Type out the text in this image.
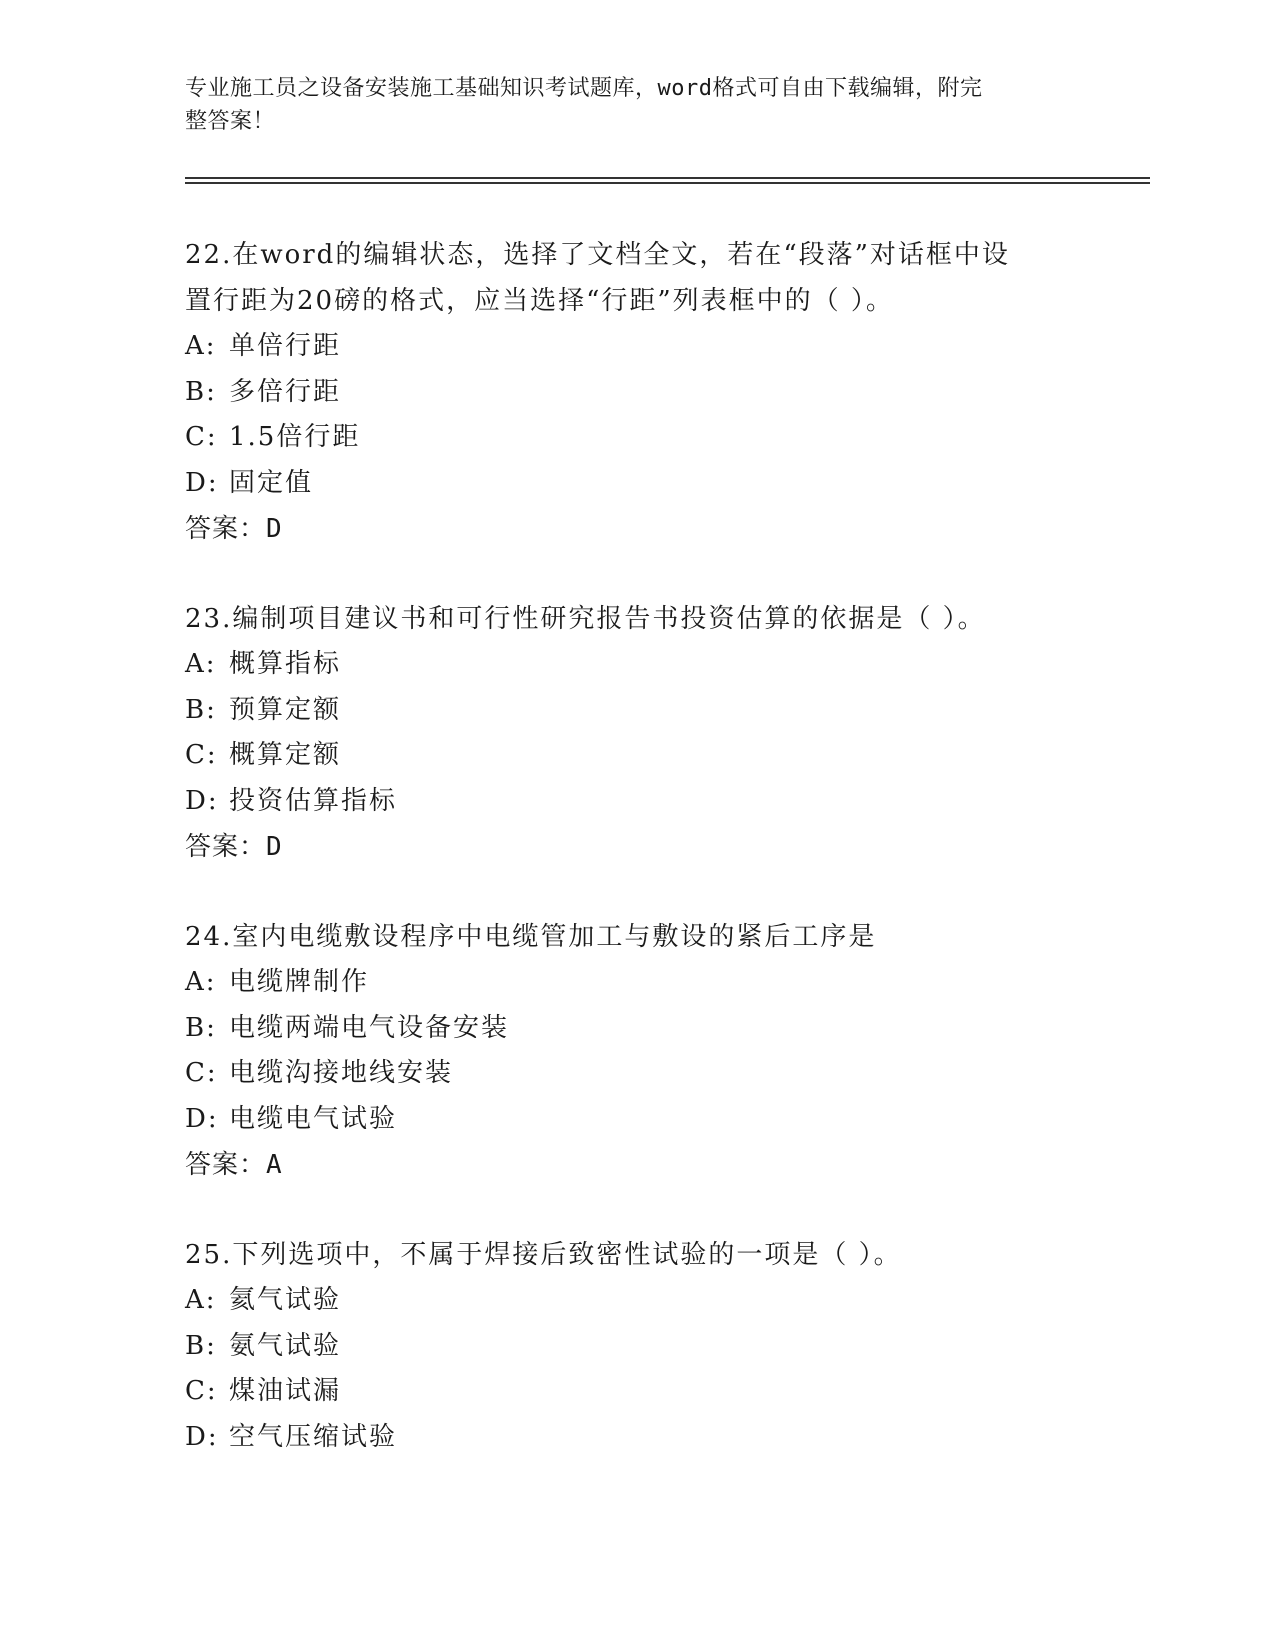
专业施工员之设备安装施工基础知识考试题库，word格式可自由下载编辑，附完
整答案！
22.在word的编辑状态，选择了文档全文，若在“段落”对话框中设
置行距为20磅的格式，应当选择“行距”列表框中的（ ）。
A: 单倍行距
B: 多倍行距
C: 1.5倍行距
D: 固定值
答案：D
23.编制项目建议书和可行性研究报告书投资估算的依据是（ ）。
A: 概算指标
B: 预算定额
C: 概算定额
D: 投资估算指标
答案：D
24.室内电缆敷设程序中电缆管加工与敷设的紧后工序是
A: 电缆牌制作
B: 电缆两端电气设备安装
C: 电缆沟接地线安装
D: 电缆电气试验
答案：A
25.下列选项中，不属于焊接后致密性试验的一项是（ ）。
A: 氦气试验
B: 氨气试验
C: 煤油试漏
D: 空气压缩试验
